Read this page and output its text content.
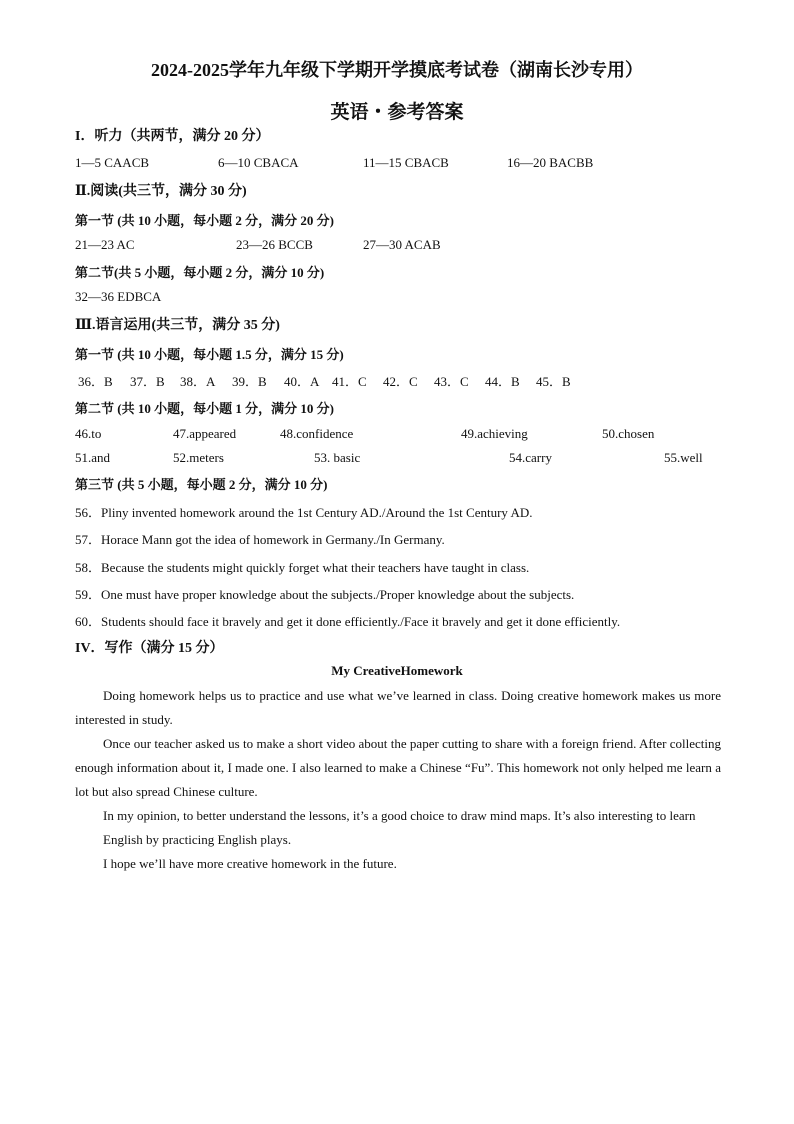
2024-2025学年九年级下学期开学摸底考试卷（湖南长沙专用）
英语・参考答案
I．听力（共两节，满分 20 分）
1—5 CAACB	6—10 CBACA	11—15 CBACB	16—20 BACBB
Ⅱ.阅读(共三节，满分 30 分)
第一节 (共 10 小题，每小题 2 分，满分 20 分)
21—23 AC	23—26 BCCB	27—30 ACAB
第二节(共 5 小题，每小题 2 分，满分 10 分)
32—36 EDBCA
Ⅲ.语言运用(共三节，满分 35 分)
第一节 (共 10 小题，每小题 1.5 分，满分 15 分)
36．B 37．B 38．A 39．B 40．A 41．C 42．C 43．C 44．B 45．B
第二节 (共 10 小题，每小题 1 分，满分 10 分)
46.to	47.appeared	48.confidence	49.achieving	50.chosen
51.and	52.meters	53. basic	54.carry	55.well
第三节 (共 5 小题，每小题 2 分，满分 10 分)
56．Pliny invented homework around the 1st Century AD./Around the 1st Century AD.
57．Horace Mann got the idea of homework in Germany./In Germany.
58．Because the students might quickly forget what their teachers have taught in class.
59．One must have proper knowledge about the subjects./Proper knowledge about the subjects.
60．Students should face it bravely and get it done efficiently./Face it bravely and get it done efficiently.
IV．写作（满分 15 分）
My CreativeHomework
Doing homework helps us to practice and use what we’ve learned in class. Doing creative homework makes us more interested in study.
Once our teacher asked us to make a short video about the paper cutting to share with a foreign friend. After collecting enough information about it, I made one. I also learned to make a Chinese “Fu”. This homework not only helped me learn a lot but also spread Chinese culture.
In my opinion, to better understand the lessons, it’s a good choice to draw mind maps. It’s also interesting to learn English by practicing English plays.
I hope we’ll have more creative homework in the future.
